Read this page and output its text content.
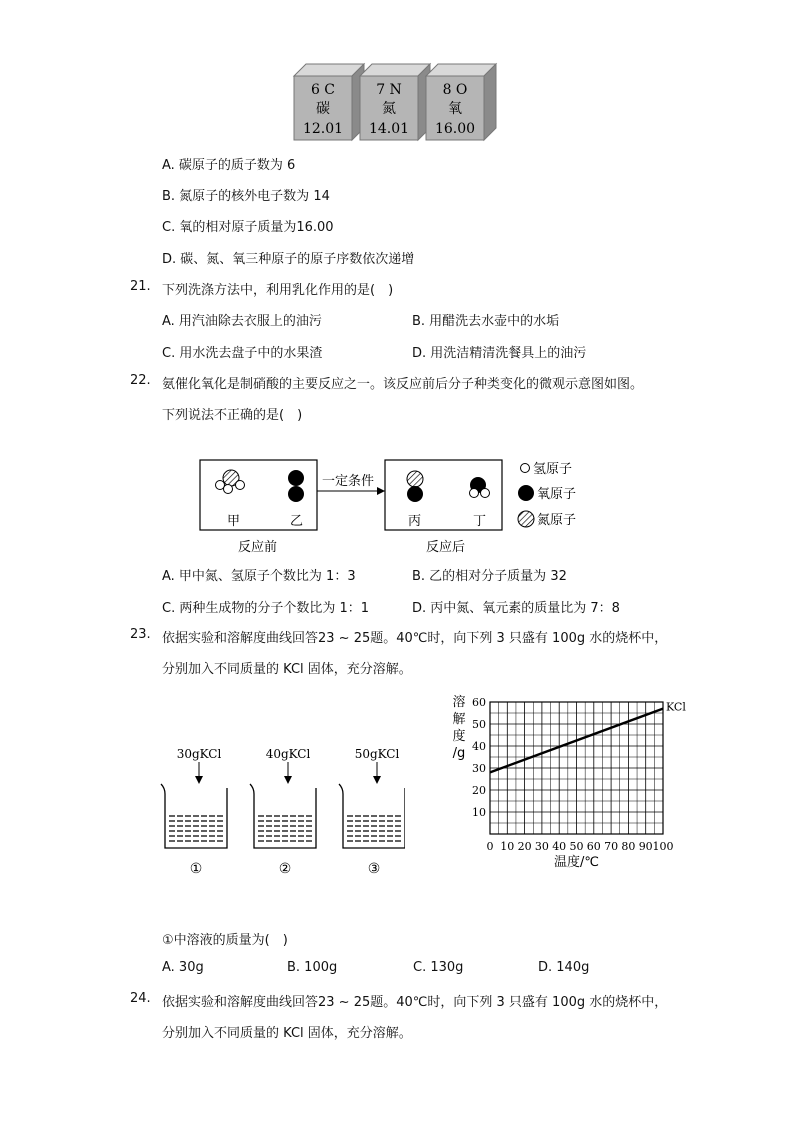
6 C
碳
12.01
7 N
氮
14.01
8 O
氧
16.00
A. 碳原子的质子数为 6
B. 氮原子的核外电子数为 14
C. 氧的相对原子质量为16.00
D. 碳、氮、氧三种原子的原子序数依次递增
21. 下列洗涤方法中，利用乳化作用的是(　)
A. 用汽油除去衣服上的油污	B. 用醋洗去水壶中的水垢
C. 用水洗去盘子中的水果渣	D. 用洗洁精清洗餐具上的油污
22. 氨催化氧化是制硝酸的主要反应之一。该反应前后分子种类变化的微观示意图如图。
下列说法不正确的是(　)
一定条件
甲	乙	丙	丁
反应前	反应后
氢原子
氧原子
氮原子
A. 甲中氮、氢原子个数比为 1：3	B. 乙的相对分子质量为 32
C. 两种生成物的分子个数比为 1：1	D. 丙中氮、氧元素的质量比为 7：8
23. 依据实验和溶解度曲线回答23 ~ 25题。40℃时，向下列 3 只盛有 100g 水的烧杯中，
分别加入不同质量的 KCl 固体，充分溶解。
30gKCl
①
40gKCl
②
50gKCl
③
10
20
30
40
50
60
0 10 20 30 40 50 60 70 80 90 100
溶
解
度
/g
温度/℃
KCl
①中溶液的质量为(　)
A. 30g	B. 100g	C. 130g	D. 140g
24. 依据实验和溶解度曲线回答23 ~ 25题。40℃时，向下列 3 只盛有 100g 水的烧杯中，
分别加入不同质量的 KCl 固体，充分溶解。
